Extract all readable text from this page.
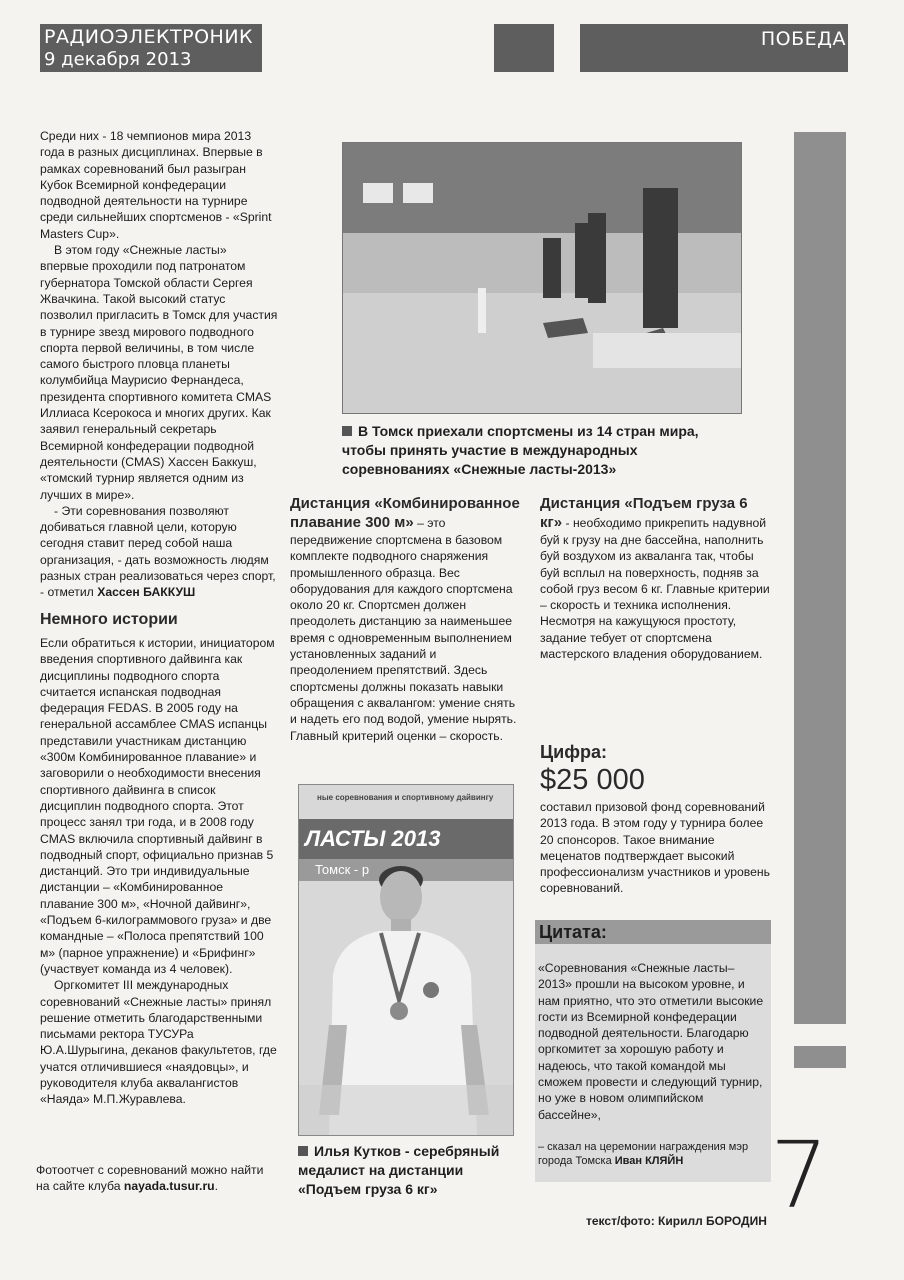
РАДИОЭЛЕКТРОНИК
9 декабря 2013
ПОБЕДА

Среди них - 18 чемпионов мира 2013 года в разных дисциплинах. Впервые в рамках соревнований был разыгран Кубок Всемирной конфедерации подводной деятельности на турнире среди сильнейших спортсменов - «Sprint Masters Cup».

В этом году «Снежные ласты» впервые проходили под патронатом губернатора Томской области Сергея Жвачкина. Такой высокий статус позволил пригласить в Томск для участия в турнире звезд мирового подводного спорта первой величины, в том числе самого быстрого пловца планеты колумбийца Маурисио Фернандеса, президента спортивного комитета CMAS Иллиаса Ксерокоса и многих других. Как заявил генеральный секретарь Всемирной конфедерации подводной деятельности (CMAS) Хассен Баккуш, «томский турнир является одним из лучших в мире».

- Эти соревнования позволяют добиваться главной цели, которую сегодня ставит перед собой наша организация, - дать возможность людям разных стран реализоваться через спорт, - отметил Хассен БАККУШ

Немного истории

Если обратиться к истории, инициатором введения спортивного дайвинга как дисциплины подводного спорта считается испанская подводная федерация FEDAS. В 2005 году на генеральной ассамблее CMAS испанцы представили участникам дистанцию «300м Комбинированное плавание» и заговорили о необходимости внесения спортивного дайвинга в список дисциплин подводного спорта. Этот процесс занял три года, и в 2008 году CMAS включила спортивный дайвинг в подводный спорт, официально признав 5 дистанций. Это три индивидуальные дистанции – «Комбинированное плавание 300 м», «Ночной дайвинг», «Подъем 6-килограммового груза» и две командные – «Полоса препятствий 100 м» (парное упражнение) и «Брифинг» (участвует команда из 4 человек).

Оргкомитет III международных соревнований «Снежные ласты» принял решение отметить благодарственными письмами ректора ТУСУРа Ю.А.Шурыгина, деканов факультетов, где учатся отличившиеся «наядовцы», и руководителя клуба аквалангистов «Наяда» М.П.Журавлева.

Фотоотчет с соревнований можно найти на сайте клуба nayada.tusur.ru.
В Томск приехали спортсмены из 14 стран мира, чтобы принять участие в международных соревнованиях «Снежные ласты-2013»
Дистанция «Комбинированное плавание 300 м» – это передвижение спортсмена в базовом комплекте подводного снаряжения промышленного образца. Вес оборудования для каждого спортсмена около 20 кг. Спортсмен должен преодолеть дистанцию за наименьшее время с одновременным выполнением установленных заданий и преодолением препятствий. Здесь спортсмены должны показать навыки обращения с аквалангом: умение снять и надеть его под водой, умение нырять. Главный критерий оценки – скорость.
Дистанция «Подъем груза 6 кг» - необходимо прикрепить надувной буй к грузу на дне бассейна, наполнить буй воздухом из акваланга так, чтобы буй всплыл на поверхность, подняв за собой груз весом 6 кг. Главные критерии – скорость и техника исполнения. Несмотря на кажущуюся простоту, задание тебует от спортсмена мастерского владения оборудованием.
Цифра:
$25 000
составил призовой фонд соревнований 2013 года. В этом году у турнира более 20 спонсоров. Такое внимание меценатов подтверждает высокий профессионализм участников и уровень соревнований.
ные соревнования и спортивному дайвингу
ЛАСТЫ 2013
Томск - р
Илья Кутков - серебряный медалист на дистанции «Подъем груза 6 кг»
Цитата:
«Соревнования «Снежные ласты–2013» прошли на высоком уровне, и нам приятно, что это отметили высокие гости из Всемирной конфедерации подводной деятельности. Благодарю оргкомитет за хорошую работу и надеюсь, что такой командой мы сможем провести и следующий турнир, но уже в новом олимпийском бассейне»,
– сказал на церемонии награждения мэр города Томска Иван КЛЯЙН 7
текст/фото: Кирилл БОРОДИН
